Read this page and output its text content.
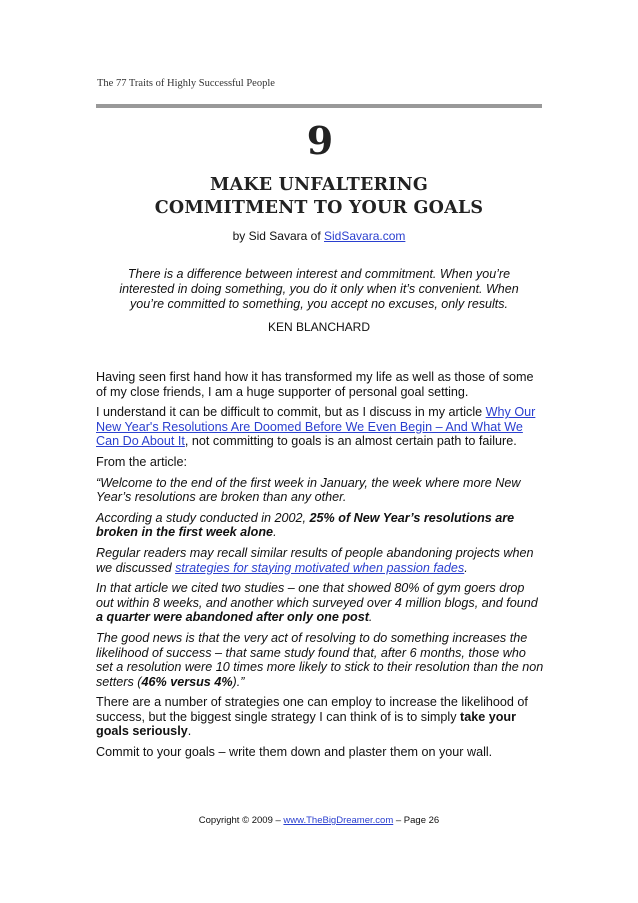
The 77 Traits of Highly Successful People
9
MAKE UNFALTERING
COMMITMENT TO YOUR GOALS
by Sid Savara of SidSavara.com
There is a difference between interest and commitment. When you’re interested in doing something, you do it only when it’s convenient. When you’re committed to something, you accept no excuses, only results.
KEN BLANCHARD

Having seen first hand how it has transformed my life as well as those of some of my close friends, I am a huge supporter of personal goal setting.

I understand it can be difficult to commit, but as I discuss in my article Why Our New Year's Resolutions Are Doomed Before We Even Begin – And What We Can Do About It, not committing to goals is an almost certain path to failure.

From the article:

“Welcome to the end of the first week in January, the week where more New Year’s resolutions are broken than any other.

According a study conducted in 2002, 25% of New Year’s resolutions are broken in the first week alone.

Regular readers may recall similar results of people abandoning projects when we discussed strategies for staying motivated when passion fades.

In that article we cited two studies – one that showed 80% of gym goers drop out within 8 weeks, and another which surveyed over 4 million blogs, and found a quarter were abandoned after only one post.

The good news is that the very act of resolving to do something increases the likelihood of success – that same study found that, after 6 months, those who set a resolution were 10 times more likely to stick to their resolution than the non setters (46% versus 4%).”

There are a number of strategies one can employ to increase the likelihood of success, but the biggest single strategy I can think of is to simply take your goals seriously.

Commit to your goals – write them down and plaster them on your wall.

Copyright © 2009 – www.TheBigDreamer.com – Page 26
